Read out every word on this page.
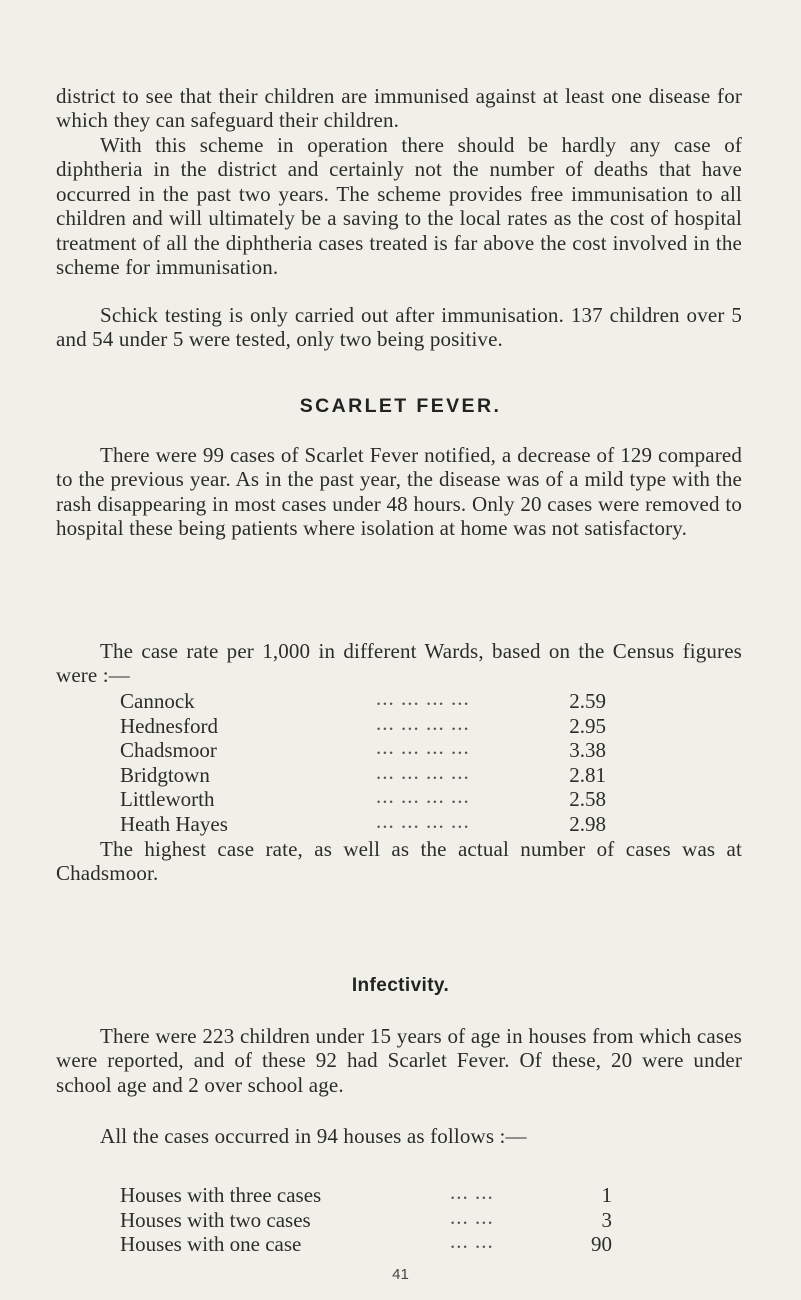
district to see that their children are immunised against at least one disease for which they can safeguard their children.

With this scheme in operation there should be hardly any case of diphtheria in the district and certainly not the number of deaths that have occurred in the past two years. The scheme provides free immunisation to all children and will ultimately be a saving to the local rates as the cost of hospital treatment of all the diphtheria cases treated is far above the cost involved in the scheme for immunisation.

Schick testing is only carried out after immunisation. 137 children over 5 and 54 under 5 were tested, only two being positive.

SCARLET FEVER.

There were 99 cases of Scarlet Fever notified, a decrease of 129 compared to the previous year. As in the past year, the disease was of a mild type with the rash disappearing in most cases under 48 hours. Only 20 cases were removed to hospital these being patients where isolation at home was not satisfactory.

The case rate per 1,000 in different Wards, based on the Census figures were :—

Cannock	... ... ... ...	2.59
Hednesford	... ... ... ...	2.95
Chadsmoor	... ... ... ...	3.38
Bridgtown	... ... ... ...	2.81
Littleworth	... ... ... ...	2.58
Heath Hayes	... ... ... ...	2.98

The highest case rate, as well as the actual number of cases was at Chadsmoor.

Infectivity.

There were 223 children under 15 years of age in houses from which cases were reported, and of these 92 had Scarlet Fever. Of these, 20 were under school age and 2 over school age.

All the cases occurred in 94 houses as follows :—

Houses with three cases	... ...	1
Houses with two cases	... ...	3
Houses with one case	... ...	90
41
